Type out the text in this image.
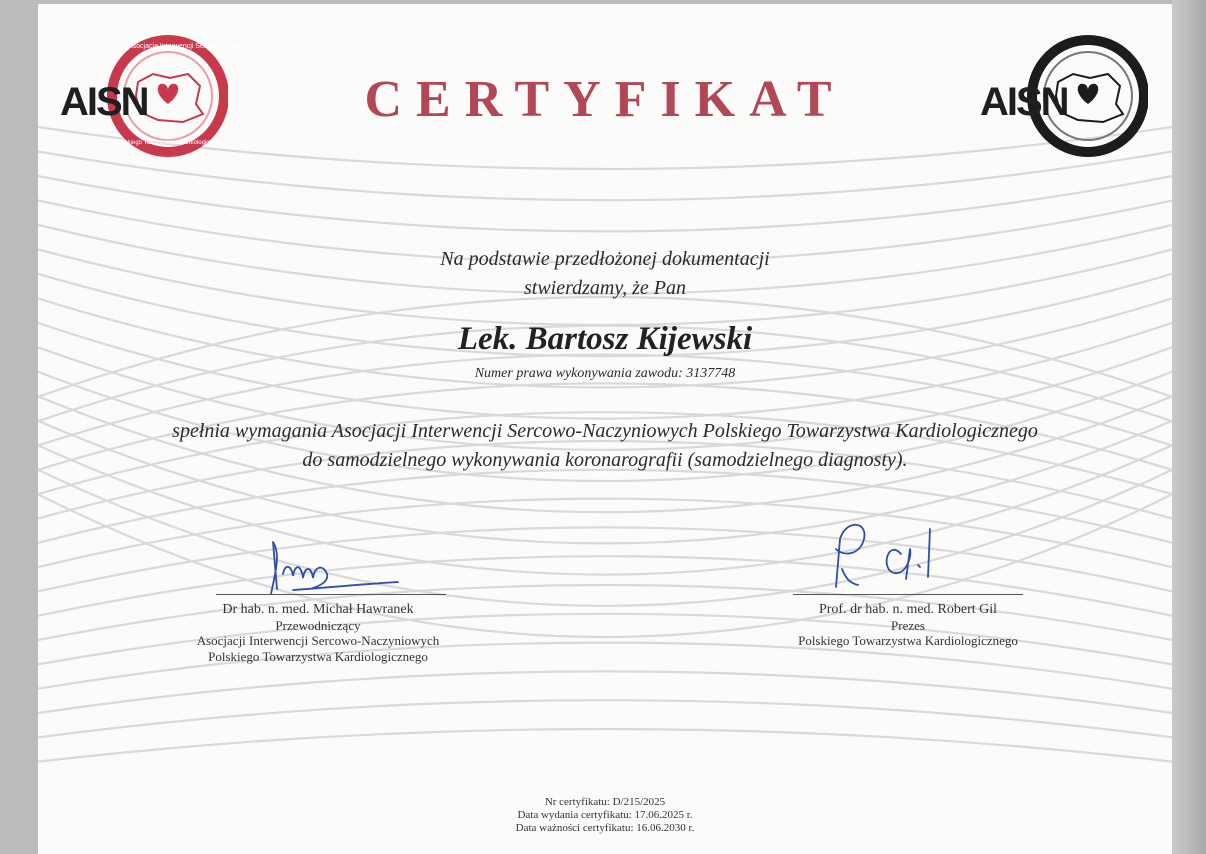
AISN
Asocjacja Interwencji Sercowo-Naczyniowych
Polskiego Towarzystwa Kardiologicznego
CERTYFIKAT	AISN
Na podstawie przedłożonej dokumentacji
stwierdzamy, że Pan
Lek. Bartosz Kijewski
Numer prawa wykonywania zawodu: 3137748
spełnia wymagania Asocjacji Interwencji Sercowo-Naczyniowych Polskiego Towarzystwa Kardiologicznego
do samodzielnego wykonywania koronarografii (samodzielnego diagnosty).
Dr hab. n. med. Michał Hawranek
Przewodniczący
Asocjacji Interwencji Sercowo-Naczyniowych
Polskiego Towarzystwa Kardiologicznego
Prof. dr hab. n. med. Robert Gil
Prezes
Polskiego Towarzystwa Kardiologicznego
Nr certyfikatu: D/215/2025
Data wydania certyfikatu: 17.06.2025 r.
Data ważności certyfikatu: 16.06.2030 r.
